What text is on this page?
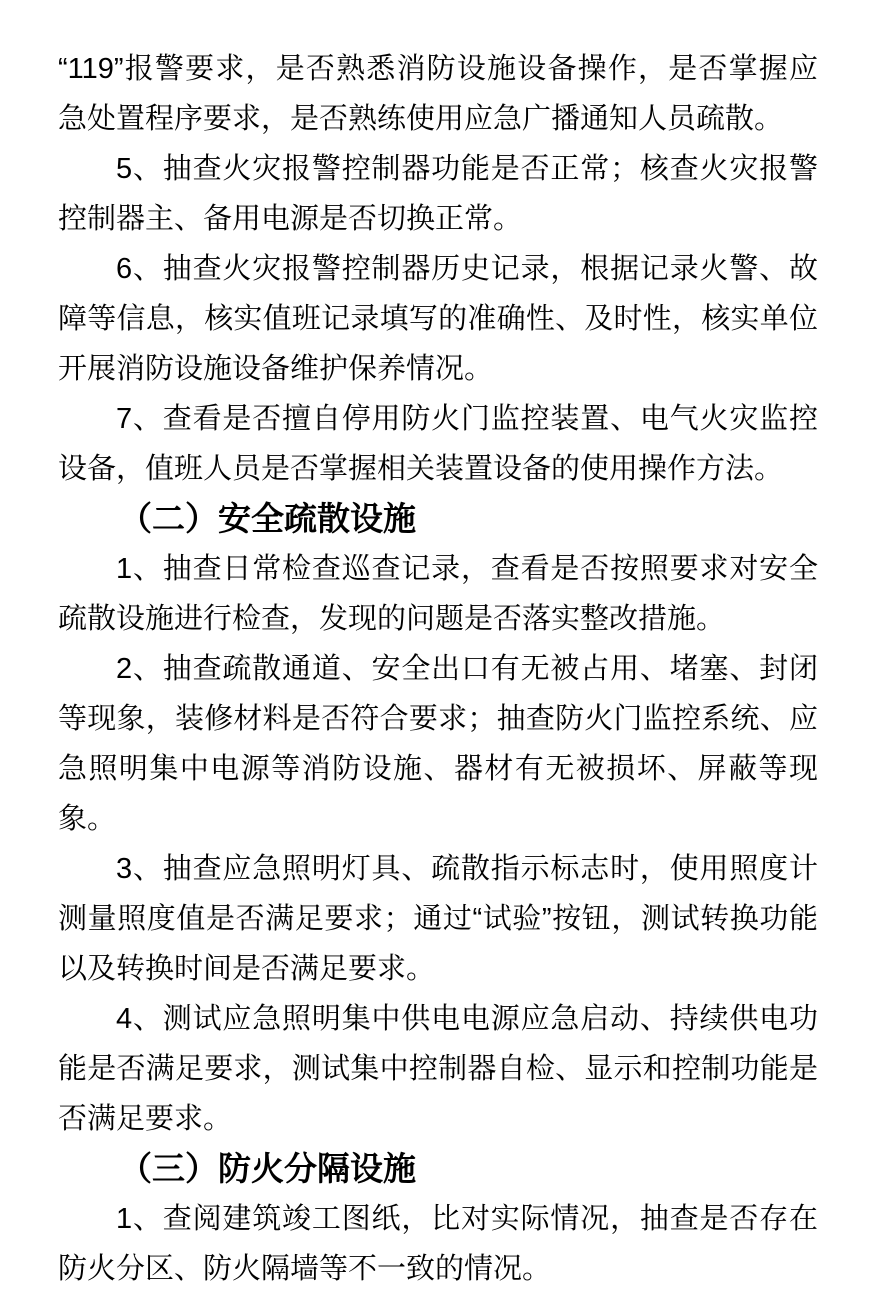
“119”报警要求，是否熟悉消防设施设备操作，是否掌握应急处置程序要求，是否熟练使用应急广播通知人员疏散。

5、抽查火灾报警控制器功能是否正常；核查火灾报警控制器主、备用电源是否切换正常。

6、抽查火灾报警控制器历史记录，根据记录火警、故障等信息，核实值班记录填写的准确性、及时性，核实单位开展消防设施设备维护保养情况。

7、查看是否擅自停用防火门监控装置、电气火灾监控设备，值班人员是否掌握相关装置设备的使用操作方法。

（二）安全疏散设施

1、抽查日常检查巡查记录，查看是否按照要求对安全疏散设施进行检查，发现的问题是否落实整改措施。

2、抽查疏散通道、安全出口有无被占用、堵塞、封闭等现象，装修材料是否符合要求；抽查防火门监控系统、应急照明集中电源等消防设施、器材有无被损坏、屏蔽等现象。

3、抽查应急照明灯具、疏散指示标志时，使用照度计测量照度值是否满足要求；通过“试验”按钮，测试转换功能以及转换时间是否满足要求。

4、测试应急照明集中供电电源应急启动、持续供电功能是否满足要求，测试集中控制器自检、显示和控制功能是否满足要求。

（三）防火分隔设施

1、查阅建筑竣工图纸，比对实际情况，抽查是否存在防火分区、防火隔墙等不一致的情况。
